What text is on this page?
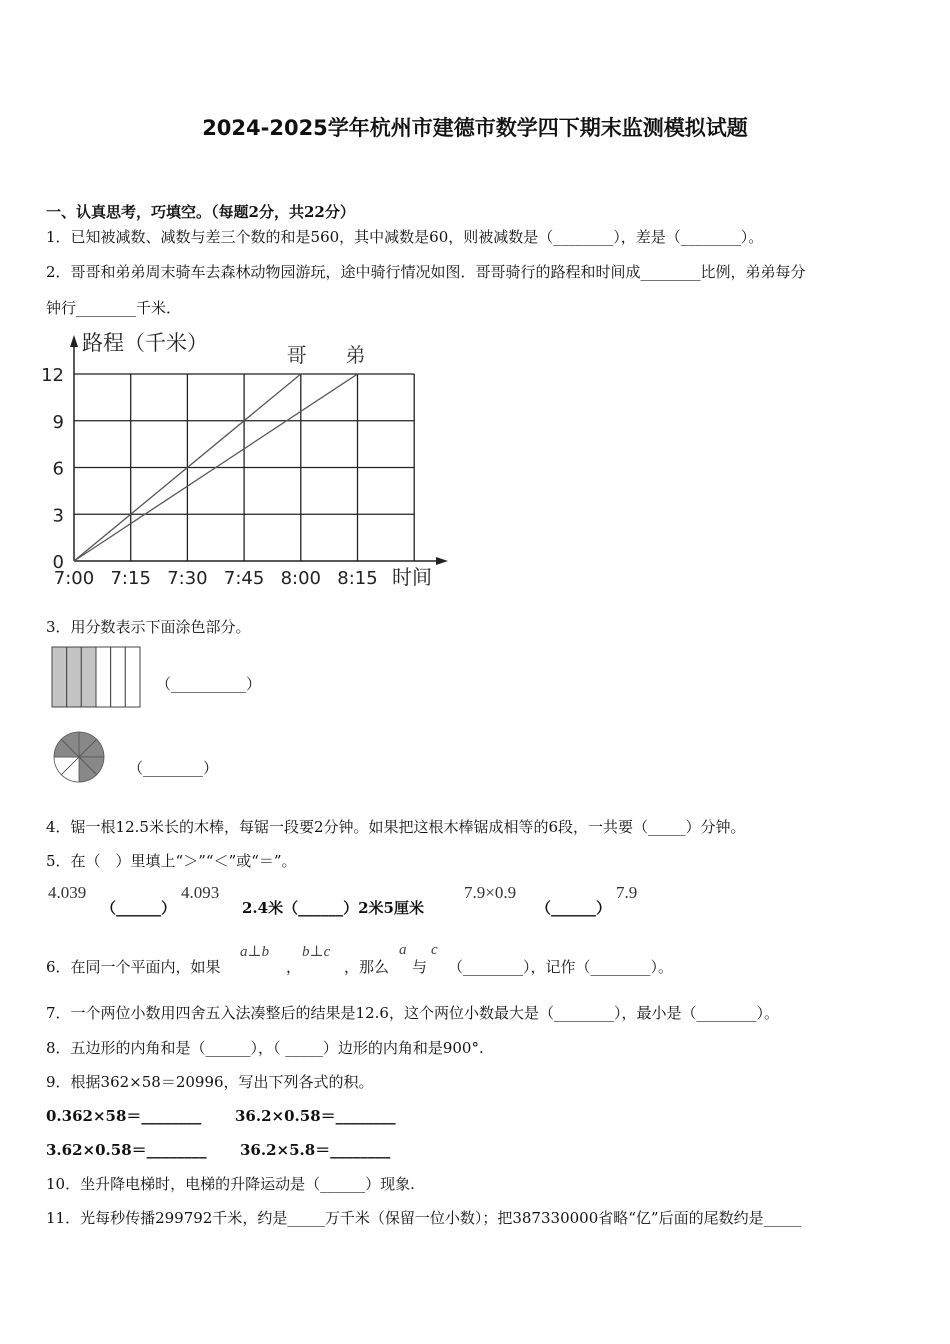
2024-2025学年杭州市建德市数学四下期末监测模拟试题
一、认真思考，巧填空。（每题2分，共22分）
1．已知被减数、减数与差三个数的和是560，其中减数是60，则被减数是（________），差是（________）。
2．哥哥和弟弟周末骑车去森林动物园游玩，途中骑行情况如图．哥哥骑行的路程和时间成________比例，弟弟每分
钟行________千米．
哥 弟
0
3
6
9
12
7:00 7:15 7:30 7:45 8:00 8:15
路程（千米）
时间
3．用分数表示下面涂色部分。
（__________）
（________）
4．锯一根12.5米长的木棒，每锯一段要2分钟。如果把这根木棒锯成相等的6段，一共要（_____）分钟。
5．在（　）里填上“＞”“＜”或“＝”。
4.039
（______）
4.093
2.4米（______）2米5厘米
7.9×0.9
（______）
7.9
6．在同一个平面内，如果
a⊥b
，
b⊥c
，那么
a
与
c
（________），记作（________）。
7．一个两位小数用四舍五入法凑整后的结果是12.6，这个两位小数最大是（________），最小是（________）。
8．五边形的内角和是（______），（ _____）边形的内角和是900°.
9．根据362×58＝20996，写出下列各式的积。
0.362×58＝________ 36.2×0.58＝________
3.62×0.58＝________ 36.2×5.8＝________
10．坐升降电梯时，电梯的升降运动是（______）现象.
11．光每秒传播299792千米，约是_____万千米（保留一位小数）；把387330000省略“亿”后面的尾数约是_____
